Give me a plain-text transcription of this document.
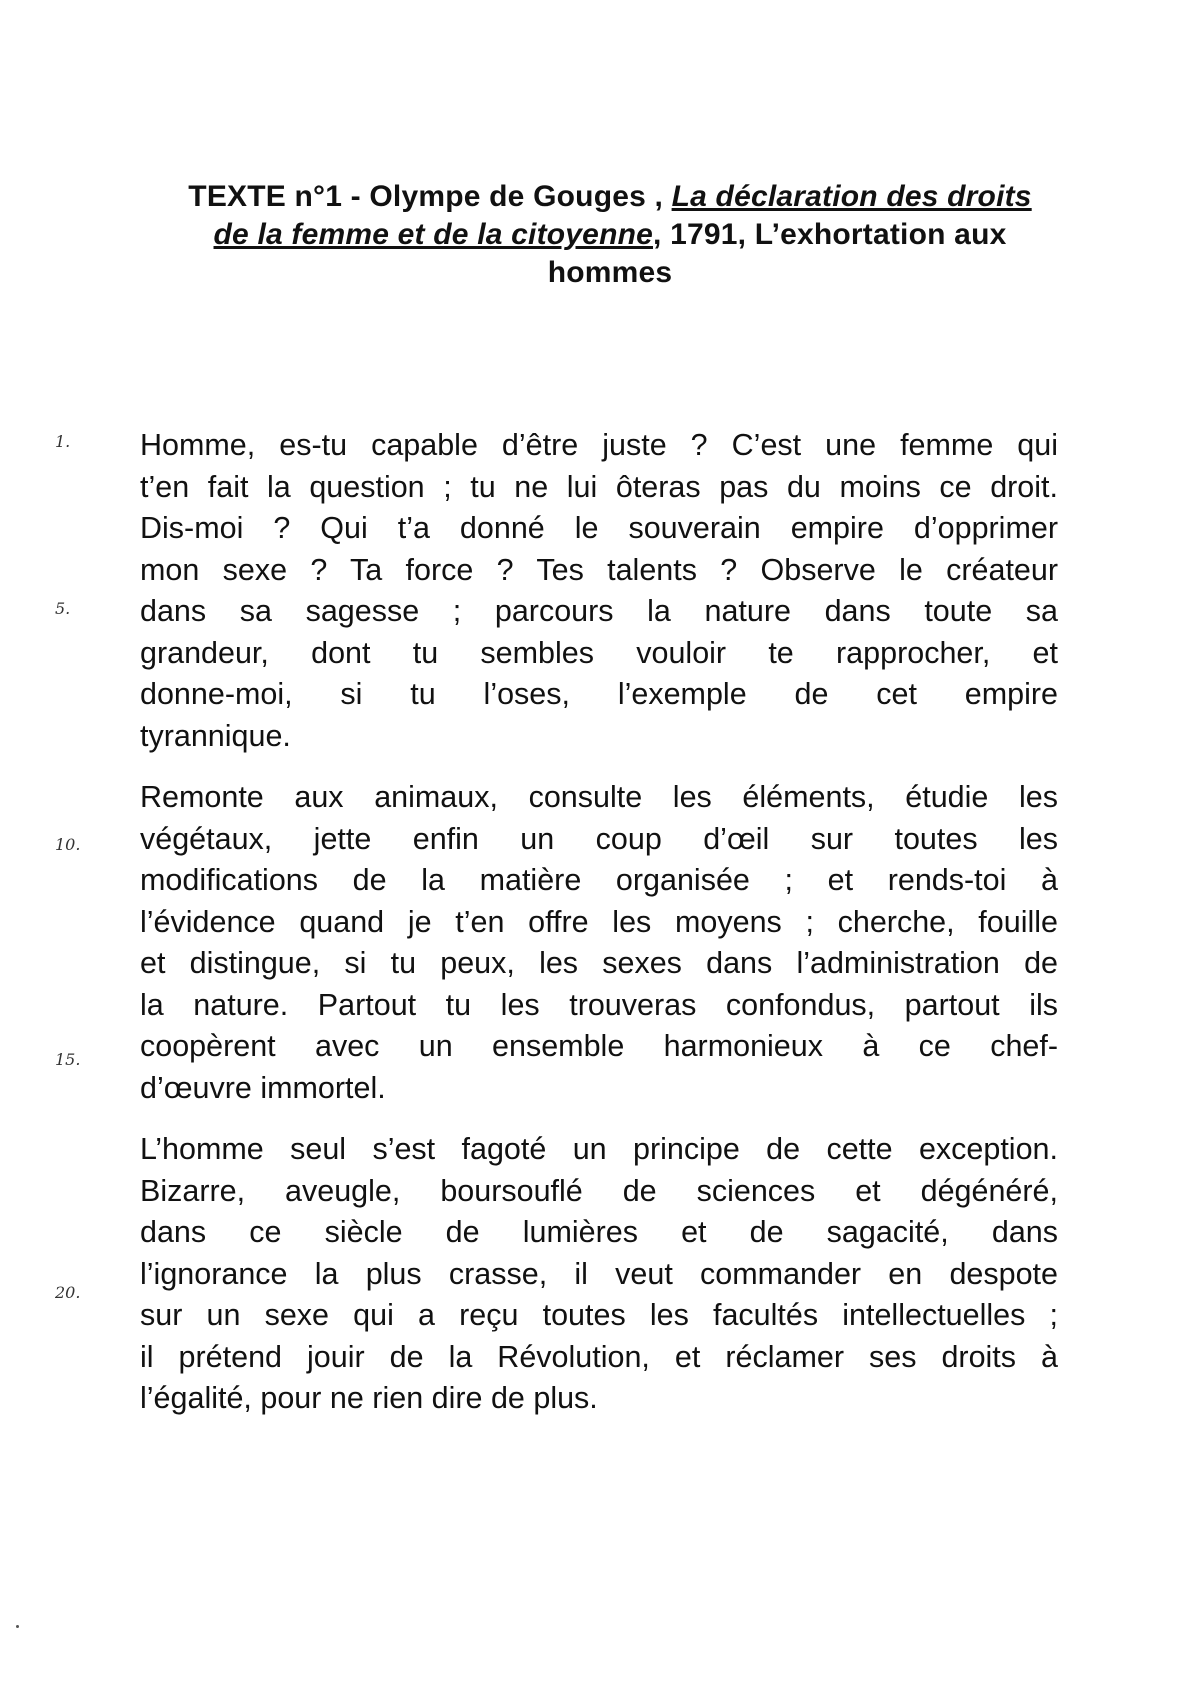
TEXTE n°1 - Olympe de Gouges , La déclaration des droits
de la femme et de la citoyenne, 1791, L’exhortation aux
hommes
1.
5.
10.
15.
20.

Homme, es-tu capable d’être juste ? C’est une femme qui
t’en fait la question ; tu ne lui ôteras pas du moins ce droit.
Dis-moi ? Qui t’a donné le souverain empire d’opprimer
mon sexe ? Ta force ? Tes talents ? Observe le créateur
dans sa sagesse ; parcours la nature dans toute sa
grandeur, dont tu sembles vouloir te rapprocher, et
donne-moi, si tu l’oses, l’exemple de cet empire
tyrannique.

Remonte aux animaux, consulte les éléments, étudie les
végétaux, jette enfin un coup d’œil sur toutes les
modifications de la matière organisée ; et rends-toi à
l’évidence quand je t’en offre les moyens ; cherche, fouille
et distingue, si tu peux, les sexes dans l’administration de
la nature. Partout tu les trouveras confondus, partout ils
coopèrent avec un ensemble harmonieux à ce chef-
d’œuvre immortel.

L’homme seul s’est fagoté un principe de cette exception.
Bizarre, aveugle, boursouflé de sciences et dégénéré,
dans ce siècle de lumières et de sagacité, dans
l’ignorance la plus crasse, il veut commander en despote
sur un sexe qui a reçu toutes les facultés intellectuelles ;
il prétend jouir de la Révolution, et réclamer ses droits à
l’égalité, pour ne rien dire de plus.
